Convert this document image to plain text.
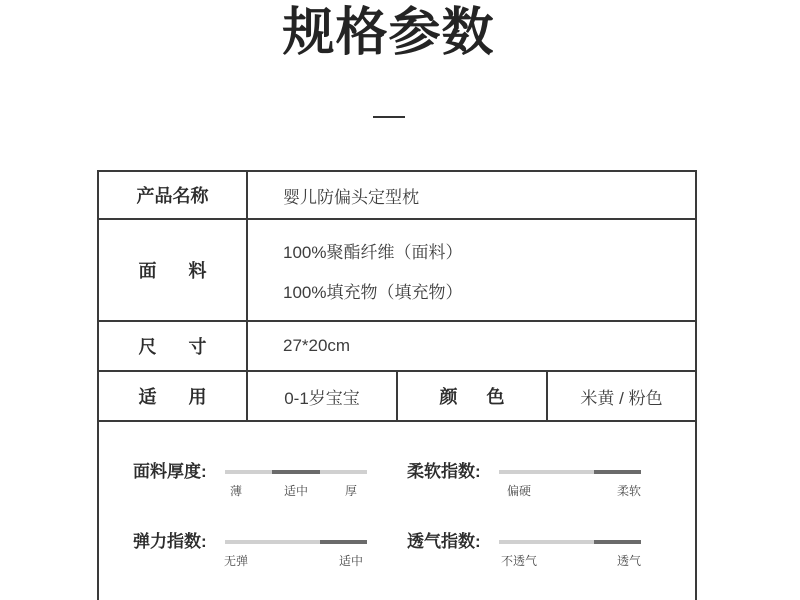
规格参数
产品名称	婴儿防偏头定型枕
面料
100%聚酯纤维（面料）
100%填充物（填充物）
尺寸	27*20cm
适用	0-1岁宝宝	颜色	米黄 / 粉色
面料厚度:
薄	适中	厚
柔软指数:
偏硬	柔软
弹力指数:
无弹	适中
透气指数:
不透气	透气
